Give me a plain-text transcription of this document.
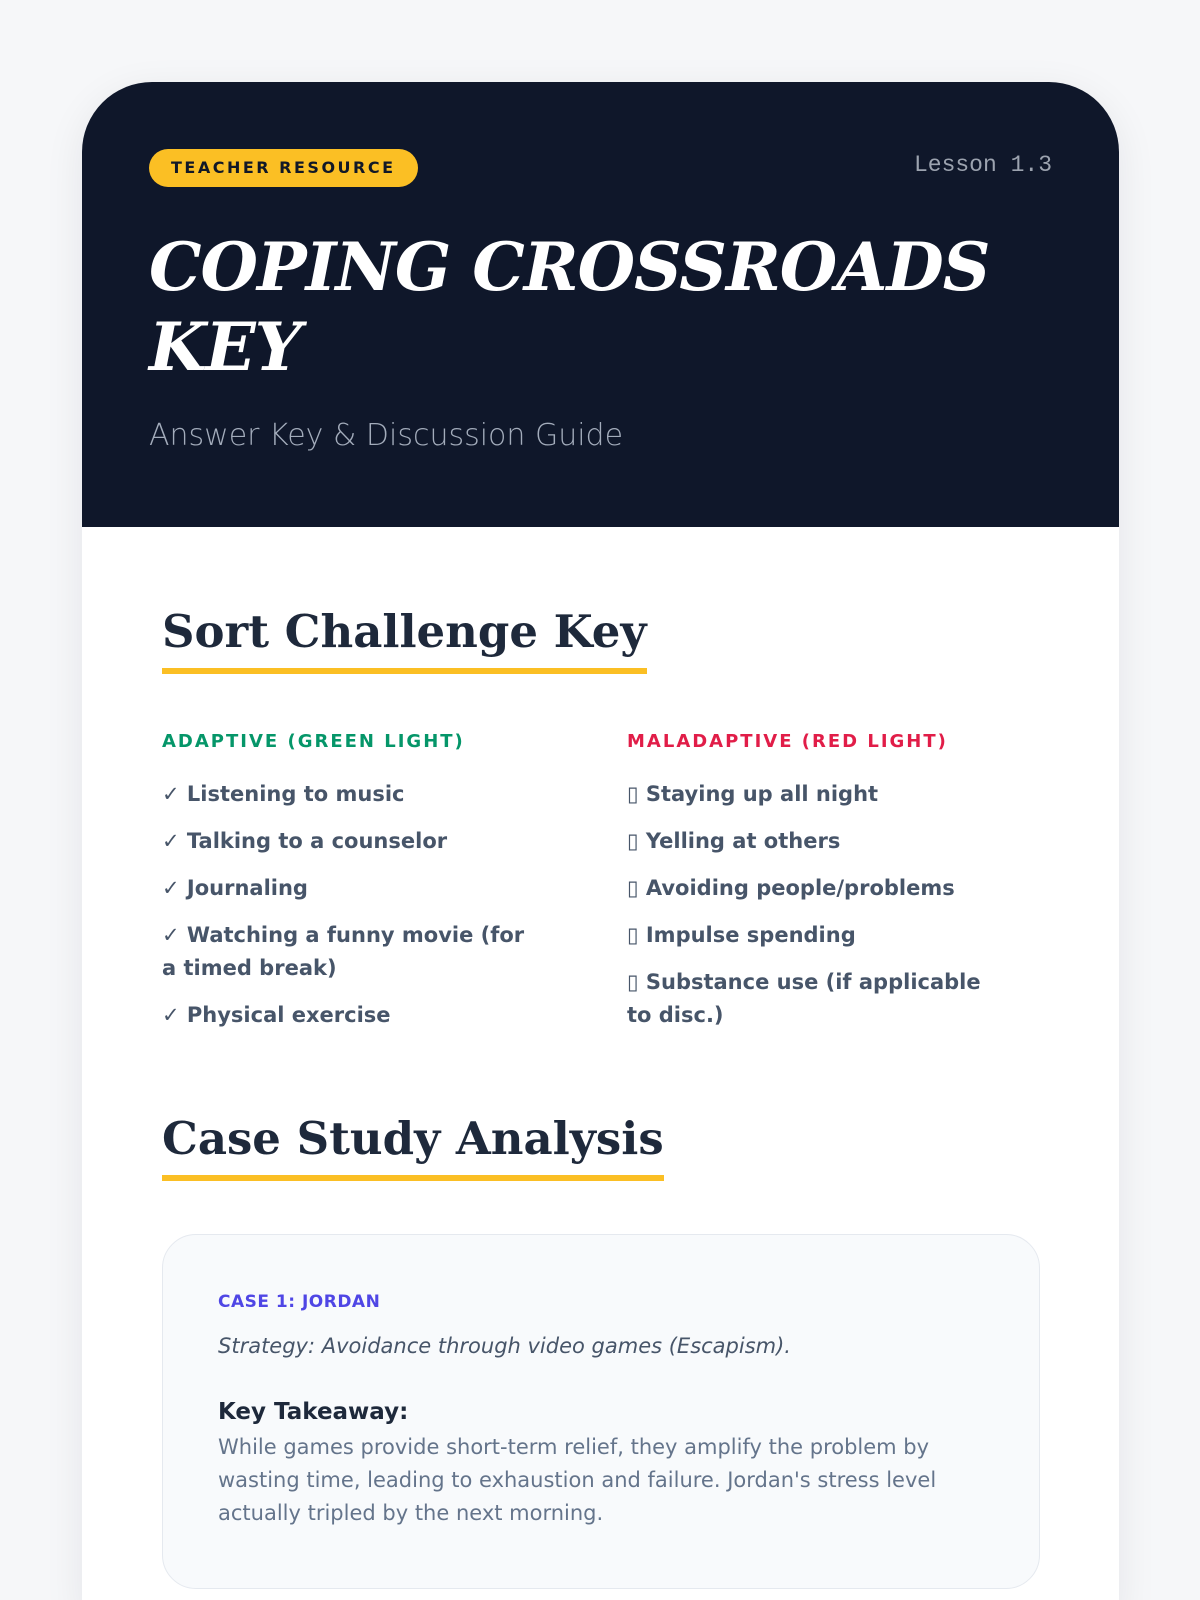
TEACHER RESOURCE	Lesson 1.3
COPING CROSSROADS KEY
Answer Key & Discussion Guide
Sort Challenge Key
ADAPTIVE (GREEN LIGHT)
✓ Listening to music
✓ Talking to a counselor
✓ Journaling
✓ Watching a funny movie (for a timed break)
✓ Physical exercise
MALADAPTIVE (RED LIGHT)
▯ Staying up all night
▯ Yelling at others
▯ Avoiding people/problems
▯ Impulse spending
▯ Substance use (if applicable to disc.)
Case Study Analysis
CASE 1: JORDAN
Strategy: Avoidance through video games (Escapism).
Key Takeaway:
While games provide short-term relief, they amplify the problem by wasting time, leading to exhaustion and failure. Jordan's stress level actually tripled by the next morning.
